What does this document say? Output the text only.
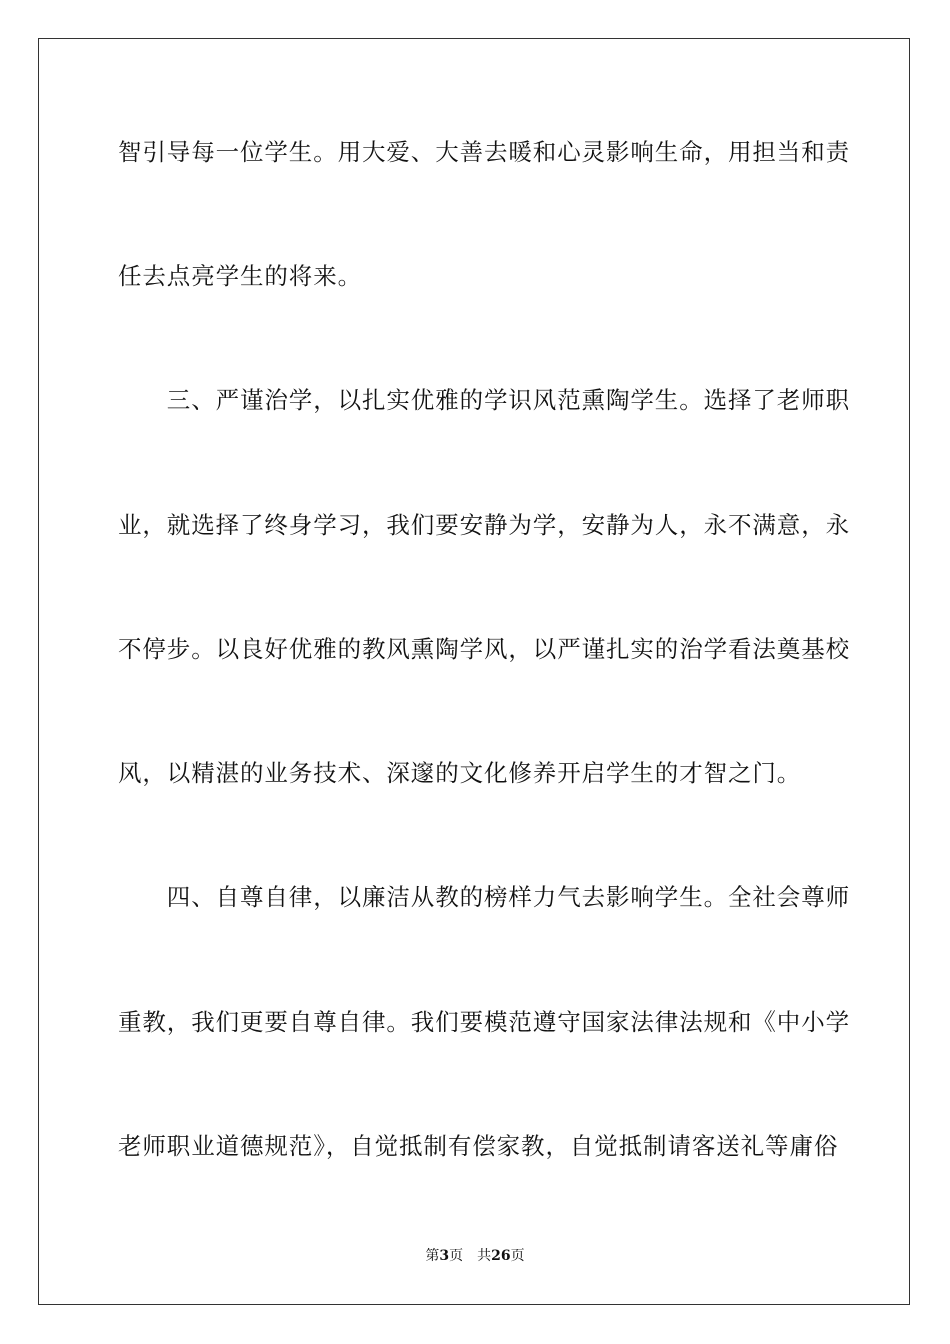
智引导每一位学生。用大爱、大善去暖和心灵影响生命，用担当和责
任去点亮学生的将来。
　　三、严谨治学，以扎实优雅的学识风范熏陶学生。选择了老师职
业，就选择了终身学习，我们要安静为学，安静为人，永不满意，永
不停步。以良好优雅的教风熏陶学风，以严谨扎实的治学看法奠基校
风，以精湛的业务技术、深邃的文化修养开启学生的才智之门。
　　四、自尊自律，以廉洁从教的榜样力气去影响学生。全社会尊师
重教，我们更要自尊自律。我们要模范遵守国家法律法规和《中小学
老师职业道德规范》，自觉抵制有偿家教，自觉抵制请客送礼等庸俗
第3页　共26页
